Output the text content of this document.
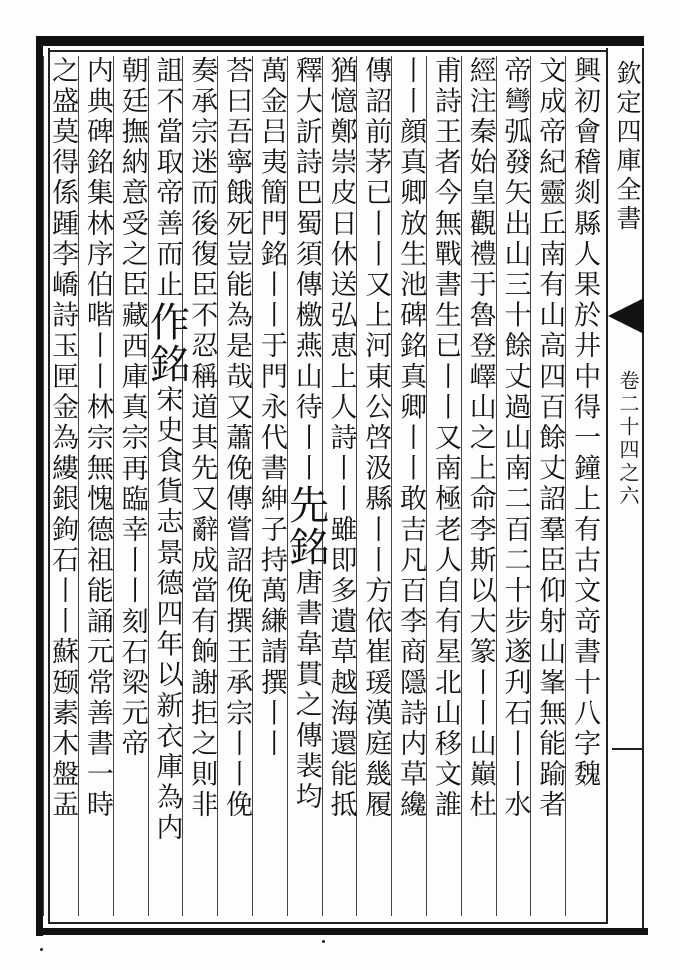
欽定四庫全書
卷二十四之六
興初會稽剡縣人果於井中得一鐘上有古文竒書十八字魏
文成帝紀靈丘南有山高四百餘丈詔羣臣仰射山峯無能踰者
帝彎弧發矢出山三十餘丈過山南二百二十步遂刋石丨丨水
經注秦始皇觀禮于魯登嶧山之上命李斯以大篆丨丨山巔杜
甫詩王者今無戰書生已丨丨又南極老人自有星北山移文誰
丨丨顔真卿放生池碑銘真卿丨丨敢吉凡百李商隱詩内草纔
傳詔前茅已丨丨又上河東公啓汲縣丨丨方依崔瑗漢庭㡬履
猶憶鄭崇皮日休送弘恵上人詩丨丨雖即多遺草越海還能抵
釋大訢詩巴蜀須傳檄燕山待丨丨
先銘
唐書韋貫之傳裴均
萬金吕夷簡門銘丨丨于門永代書紳
子持萬縑請撰丨丨
荅曰吾寧餓死豈能為是哉又蕭俛傳嘗詔俛撰王承宗丨丨俛
奏承宗迷而後復臣不忍稱道其先又辭成當有餉謝拒之則非
詛不當取帝善而止
作銘
宋史食貨志景德四年以新衣庫為内
朝廷撫納意受之臣
藏西庫真宗再臨幸丨丨刻石梁元帝
内典碑銘集林序伯喈丨丨林宗無愧德祖能誦元常善書一時
之盛莫得係踵李嶠詩玉匣金為縷銀鉤石丨丨蘇颋素木盤盂
